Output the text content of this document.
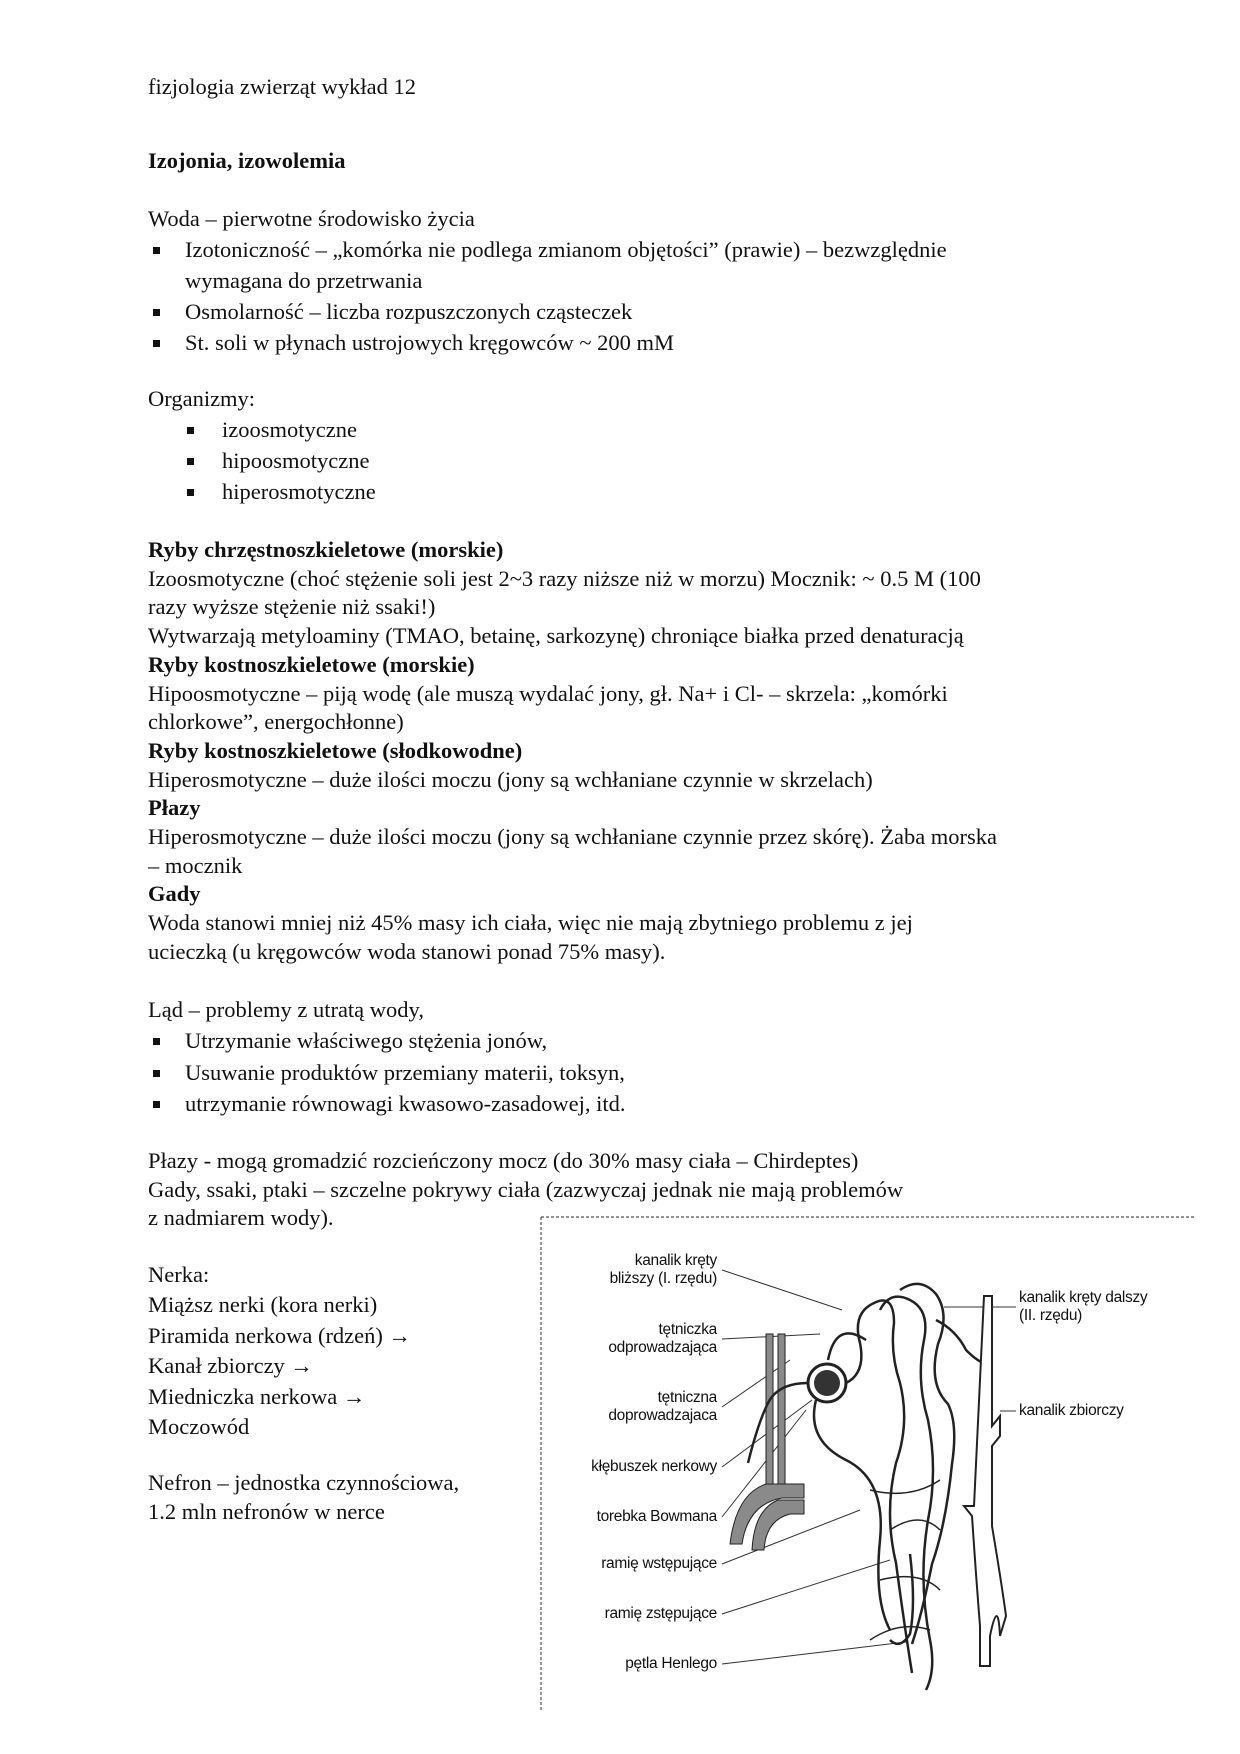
fizjologia zwierząt wykład 12
Izojonia, izowolemia
Woda – pierwotne środowisko życia
Izotoniczność – „komórka nie podlega zmianom objętości” (prawie) – bezwzględnie
wymagana do przetrwania
Osmolarność – liczba rozpuszczonych cząsteczek
St. soli w płynach ustrojowych kręgowców ~ 200 mM
Organizmy:
izoosmotyczne
hipoosmotyczne
hiperosmotyczne
Ryby chrzęstnoszkieletowe (morskie)
Izoosmotyczne (choć stężenie soli jest 2~3 razy niższe niż w morzu) Mocznik: ~ 0.5 M (100
razy wyższe stężenie niż ssaki!)
Wytwarzają metyloaminy (TMAO, betainę, sarkozynę) chroniące białka przed denaturacją
Ryby kostnoszkieletowe (morskie)
Hipoosmotyczne – piją wodę (ale muszą wydalać jony, gł. Na+ i Cl- – skrzela: „komórki
chlorkowe”, energochłonne)
Ryby kostnoszkieletowe (słodkowodne)
Hiperosmotyczne – duże ilości moczu (jony są wchłaniane czynnie w skrzelach)
Płazy
Hiperosmotyczne – duże ilości moczu (jony są wchłaniane czynnie przez skórę). Żaba morska
– mocznik
Gady
Woda stanowi mniej niż 45% masy ich ciała, więc nie mają zbytniego problemu z jej
ucieczką (u kręgowców woda stanowi ponad 75% masy).
Ląd – problemy z utratą wody,
Utrzymanie właściwego stężenia jonów,
Usuwanie produktów przemiany materii, toksyn,
utrzymanie równowagi kwasowo-zasadowej, itd.
Płazy - mogą gromadzić rozcieńczony mocz (do 30% masy ciała – Chirdeptes)
Gady, ssaki, ptaki – szczelne pokrywy ciała (zazwyczaj jednak nie mają problemów
z nadmiarem wody).
Nerka:
Miąższ nerki (kora nerki)
Piramida nerkowa (rdzeń) →
Kanał zbiorczy →
Miedniczka nerkowa →
Moczowód
Nefron – jednostka czynnościowa,
1.2 mln nefronów w nerce
kanalik kręty
bliższy (I. rzędu)
tętniczka
odprowadzająca
tętniczna
doprowadzajaca
kłębuszek nerkowy
torebka Bowmana
ramię wstępujące
ramię zstępujące
pętla Henlego
kanalik kręty dalszy
(II. rzędu)
kanalik zbiorczy
